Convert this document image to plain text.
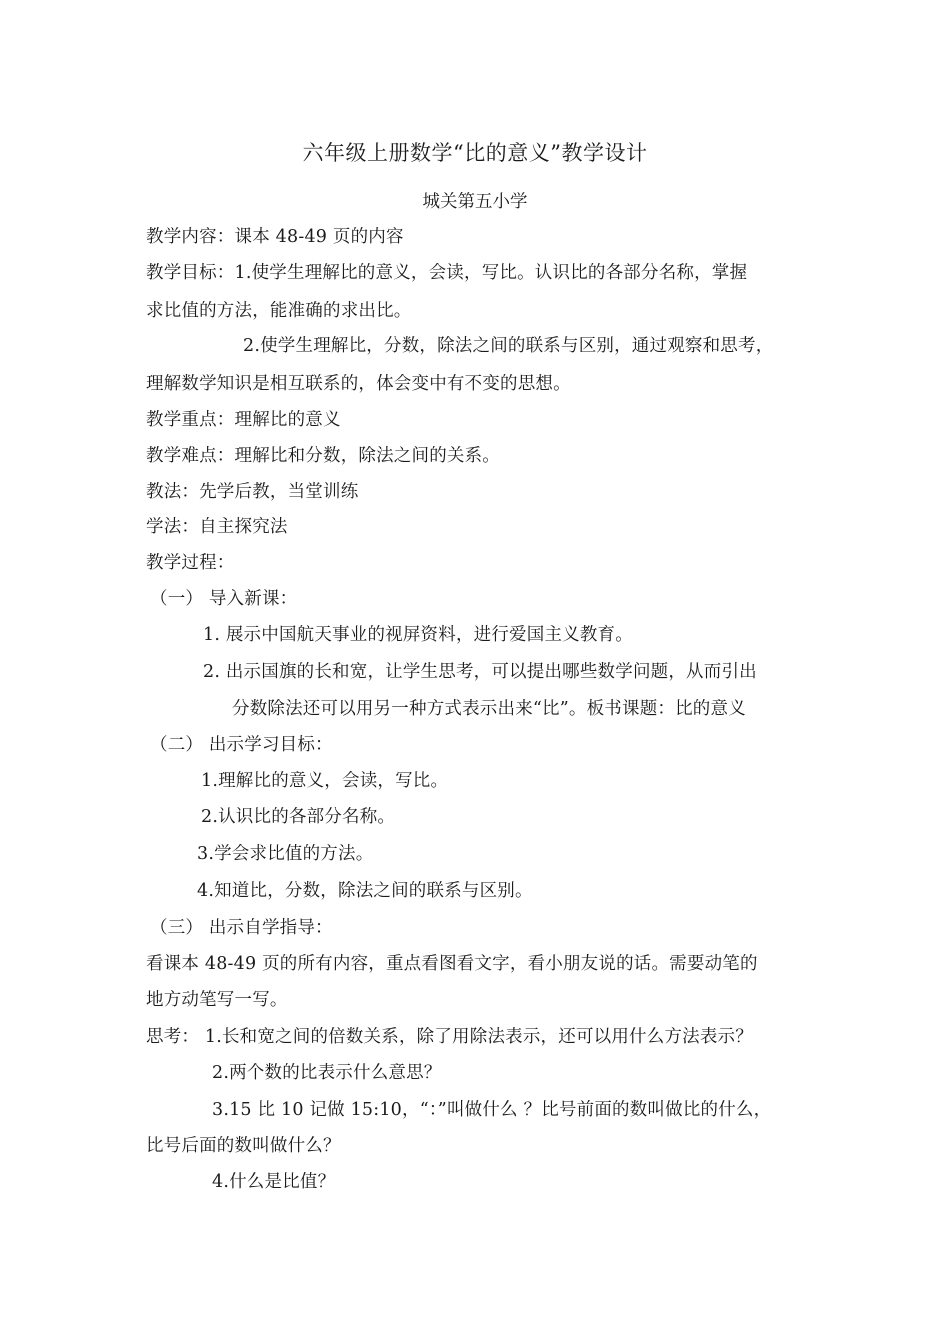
六年级上册数学“比的意义”教学设计
城关第五小学
教学内容：课本 48-49 页的内容
教学目标：1.使学生理解比的意义，会读，写比。认识比的各部分名称，掌握
求比值的方法，能准确的求出比。
2.使学生理解比，分数，除法之间的联系与区别，通过观察和思考，
理解数学知识是相互联系的，体会变中有不变的思想。
教学重点：理解比的意义
教学难点：理解比和分数，除法之间的关系。
教法：先学后教，当堂训练
学法：自主探究法
教学过程：
（一） 导入新课：
1. 展示中国航天事业的视屏资料，进行爱国主义教育。
2. 出示国旗的长和宽，让学生思考，可以提出哪些数学问题，从而引出
分数除法还可以用另一种方式表示出来“比”。板书课题：比的意义
（二） 出示学习目标：
1.理解比的意义，会读，写比。
2.认识比的各部分名称。
3.学会求比值的方法。
4.知道比，分数，除法之间的联系与区别。
（三） 出示自学指导：
看课本 48-49 页的所有内容，重点看图看文字，看小朋友说的话。需要动笔的
地方动笔写一写。
思考： 1.长和宽之间的倍数关系，除了用除法表示，还可以用什么方法表示？
2.两个数的比表示什么意思？
3.15 比 10 记做 15:10，“：”叫做什么 ？比号前面的数叫做比的什么，
比号后面的数叫做什么？
4.什么是比值？
